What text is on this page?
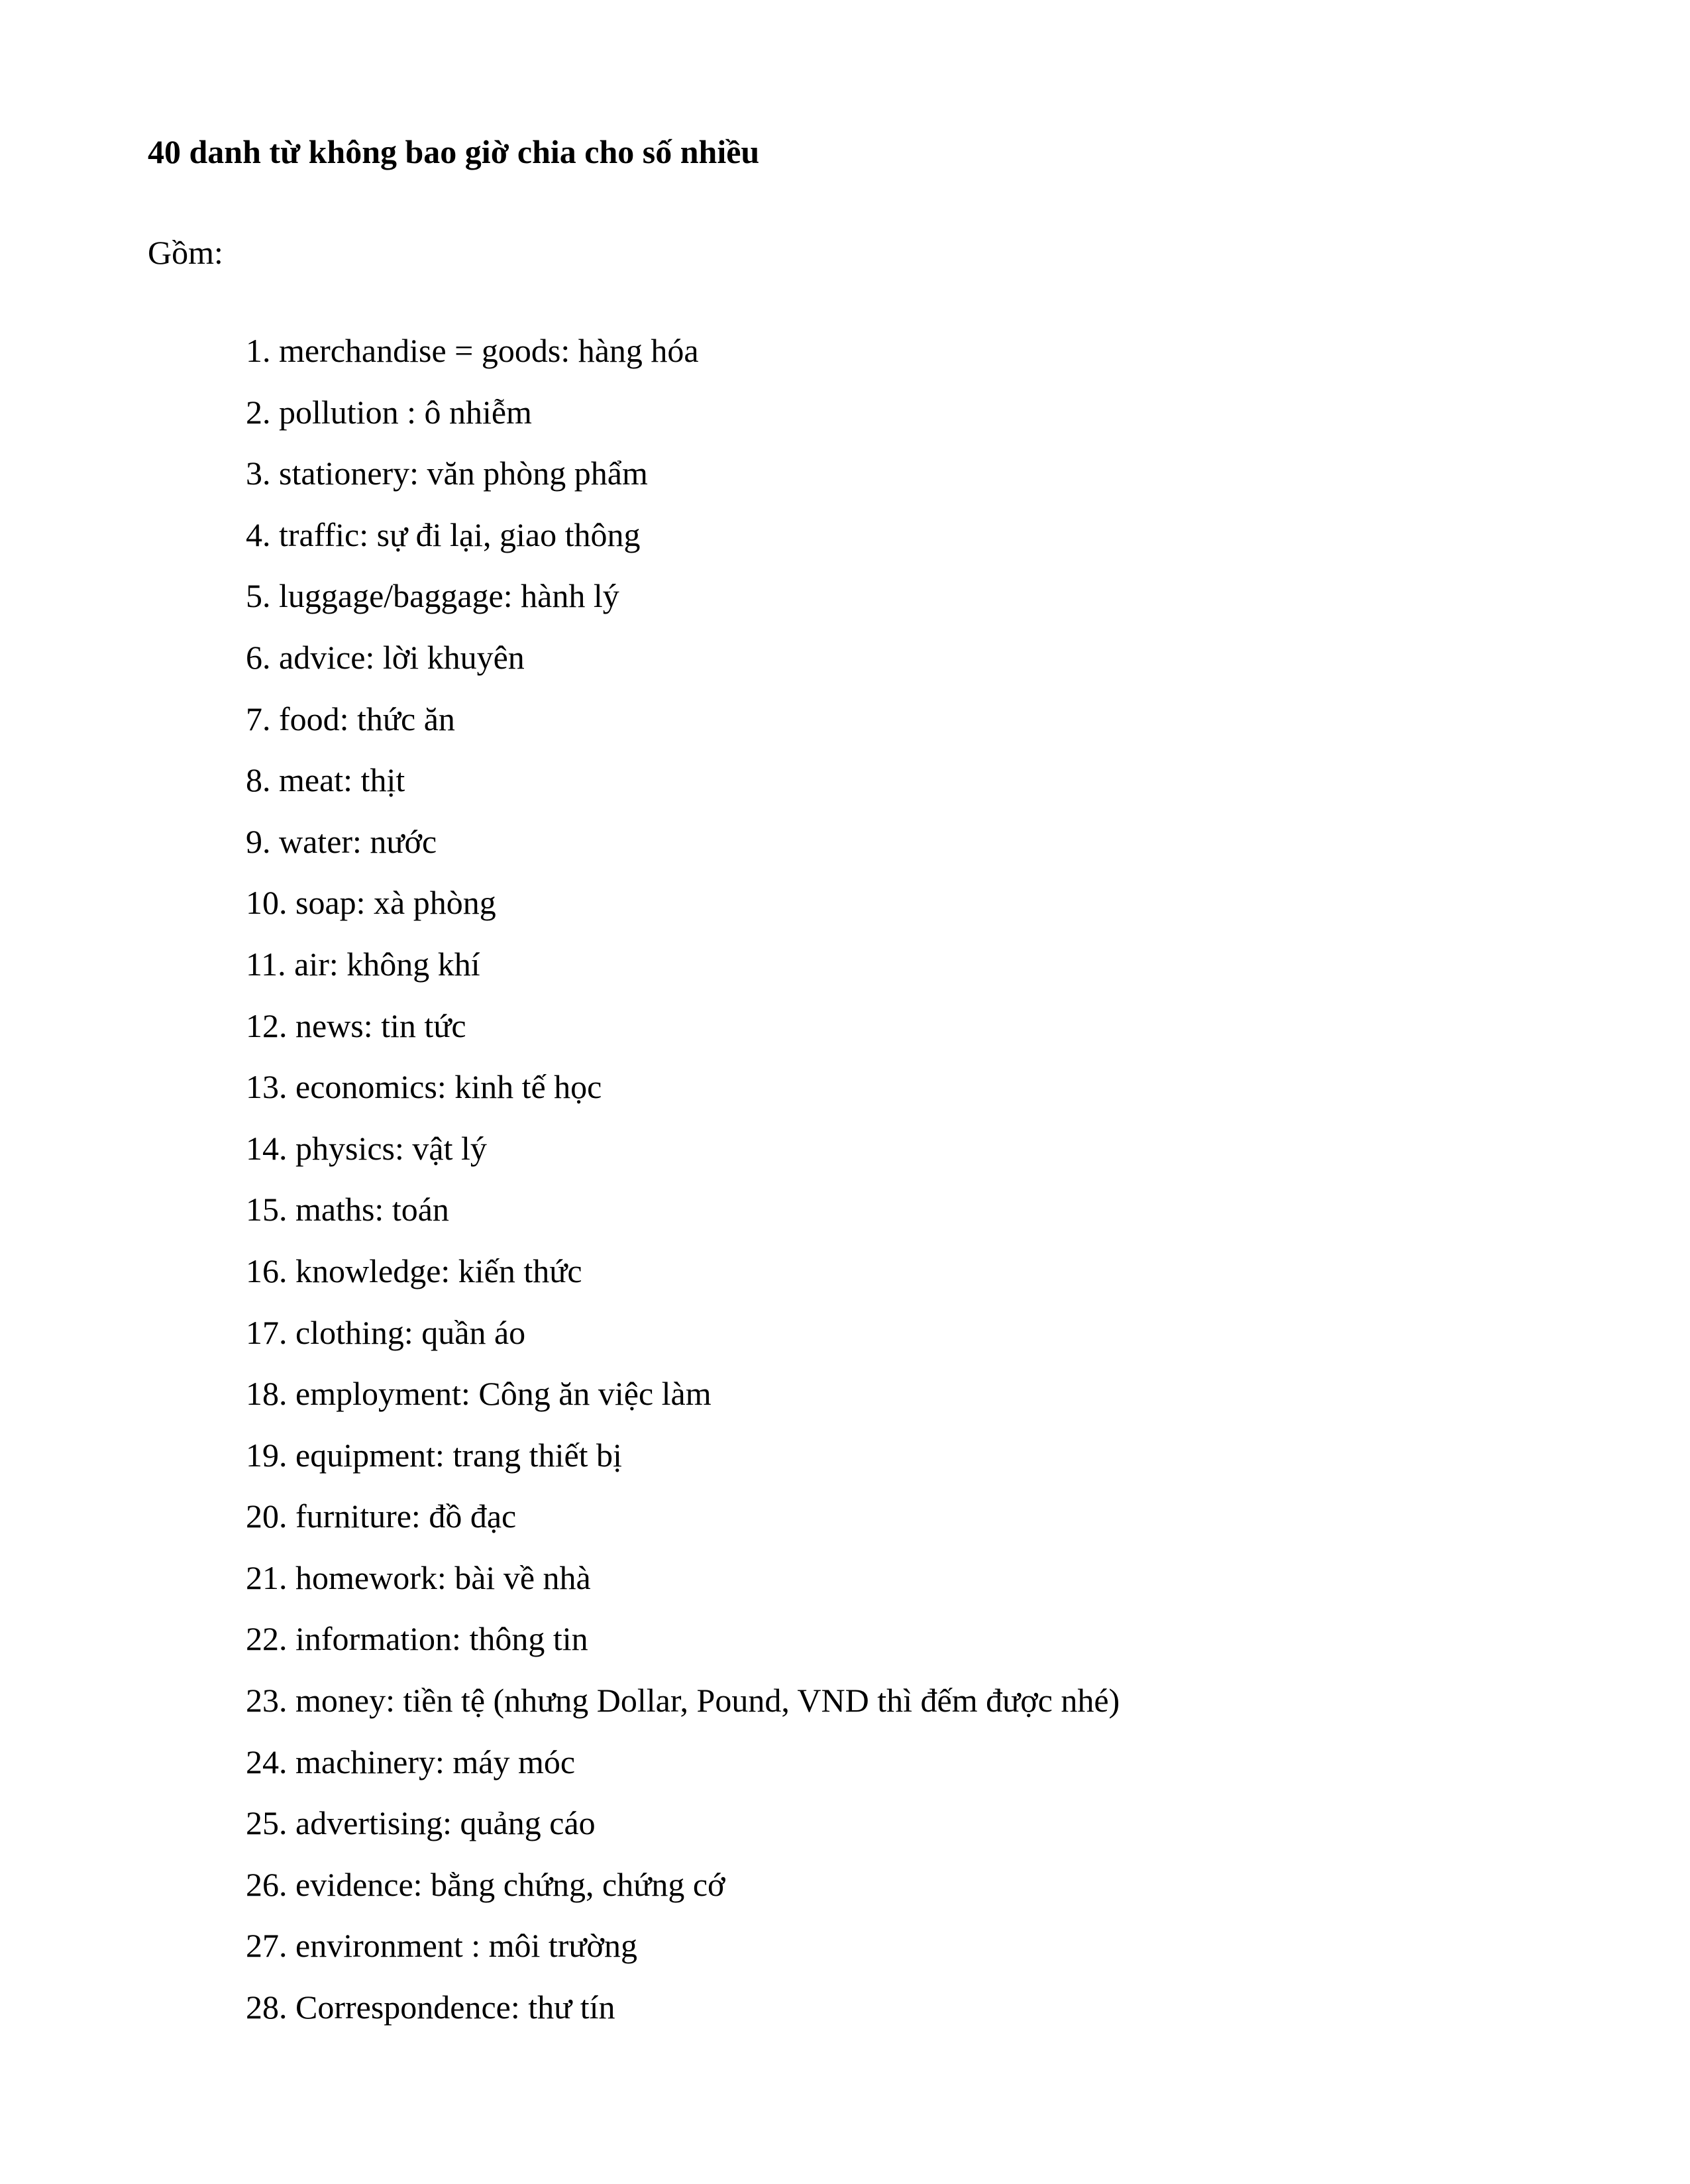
40 danh từ không bao giờ chia cho số nhiều

Gồm:

1. merchandise = goods: hàng hóa
2. pollution : ô nhiễm
3. stationery: văn phòng phẩm
4. traffic: sự đi lại, giao thông
5. luggage/baggage: hành lý
6. advice: lời khuyên
7. food: thức ăn
8. meat: thịt
9. water: nước
10. soap: xà phòng
11. air: không khí
12. news: tin tức
13. economics: kinh tế học
14. physics: vật lý
15. maths: toán
16. knowledge: kiến thức
17. clothing: quần áo
18. employment: Công ăn việc làm
19. equipment: trang thiết bị
20. furniture: đồ đạc
21. homework: bài về nhà
22. information: thông tin
23. money: tiền tệ (nhưng Dollar, Pound, VND thì đếm được nhé)
24. machinery: máy móc
25. advertising: quảng cáo
26. evidence: bằng chứng, chứng cớ
27. environment : môi trường
28. Correspondence: thư tín
